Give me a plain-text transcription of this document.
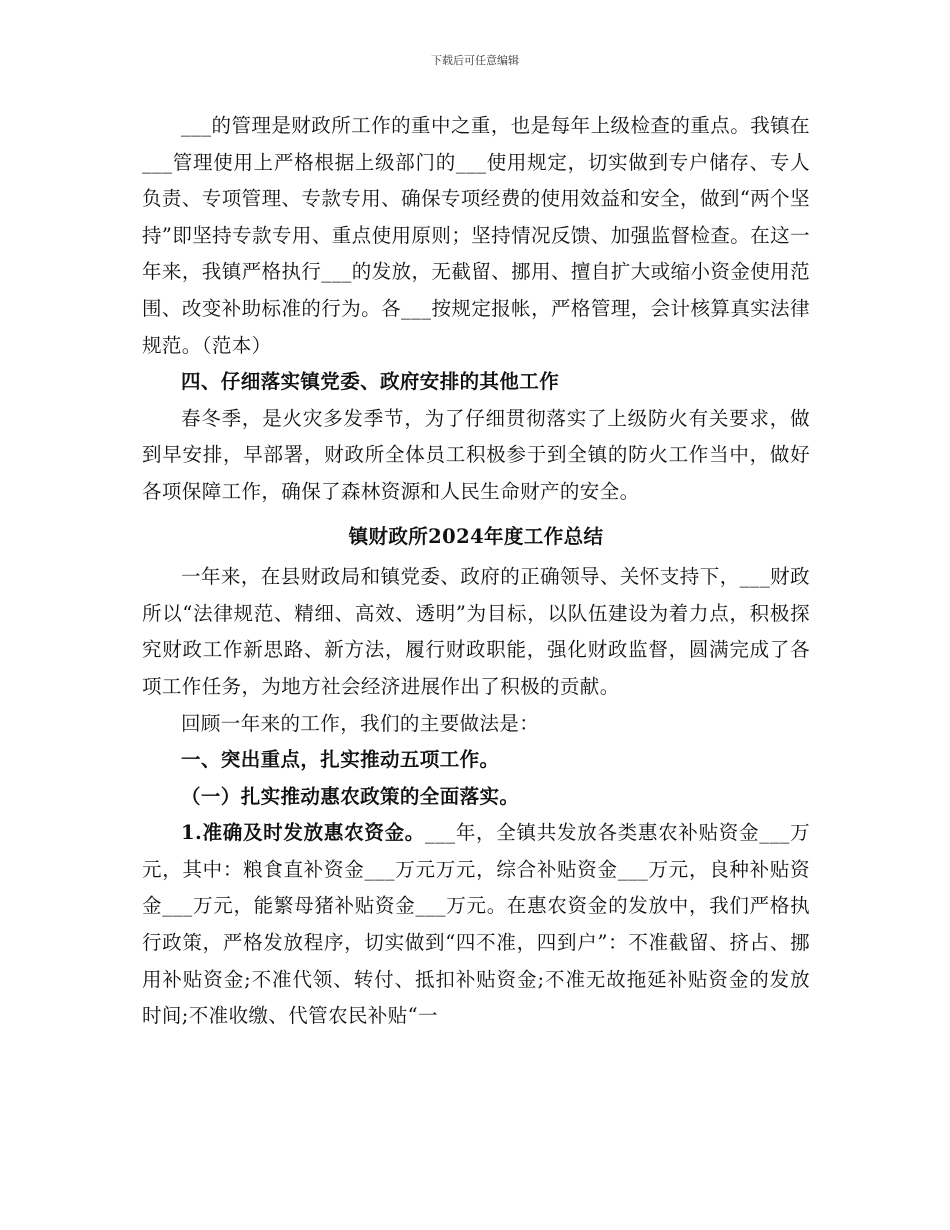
下载后可任意编辑

___的管理是财政所工作的重中之重，也是每年上级检查的重点。我镇在___管理使用上严格根据上级部门的___使用规定，切实做到专户储存、专人负责、专项管理、专款专用、确保专项经费的使用效益和安全，做到“两个坚持”即坚持专款专用、重点使用原则；坚持情况反馈、加强监督检查。在这一年来，我镇严格执行___的发放，无截留、挪用、擅自扩大或缩小资金使用范围、改变补助标准的行为。各___按规定报帐，严格管理，会计核算真实法律规范。（范本）

四、仔细落实镇党委、政府安排的其他工作

春冬季，是火灾多发季节，为了仔细贯彻落实了上级防火有关要求，做到早安排，早部署，财政所全体员工积极参于到全镇的防火工作当中，做好各项保障工作，确保了森林资源和人民生命财产的安全。

镇财政所2024年度工作总结

一年来，在县财政局和镇党委、政府的正确领导、关怀支持下，___财政所以“法律规范、精细、高效、透明”为目标，以队伍建设为着力点，积极探究财政工作新思路、新方法，履行财政职能，强化财政监督，圆满完成了各项工作任务，为地方社会经济进展作出了积极的贡献。

回顾一年来的工作，我们的主要做法是：

一、突出重点，扎实推动五项工作。

（一）扎实推动惠农政策的全面落实。

1.准确及时发放惠农资金。___年，全镇共发放各类惠农补贴资金___万元，其中：粮食直补资金___万元万元，综合补贴资金___万元，良种补贴资金___万元，能繁母猪补贴资金___万元。在惠农资金的发放中，我们严格执行政策，严格发放程序，切实做到“四不准，四到户”：不准截留、挤占、挪用补贴资金;不准代领、转付、抵扣补贴资金;不准无故拖延补贴资金的发放时间;不准收缴、代管农民补贴“一
